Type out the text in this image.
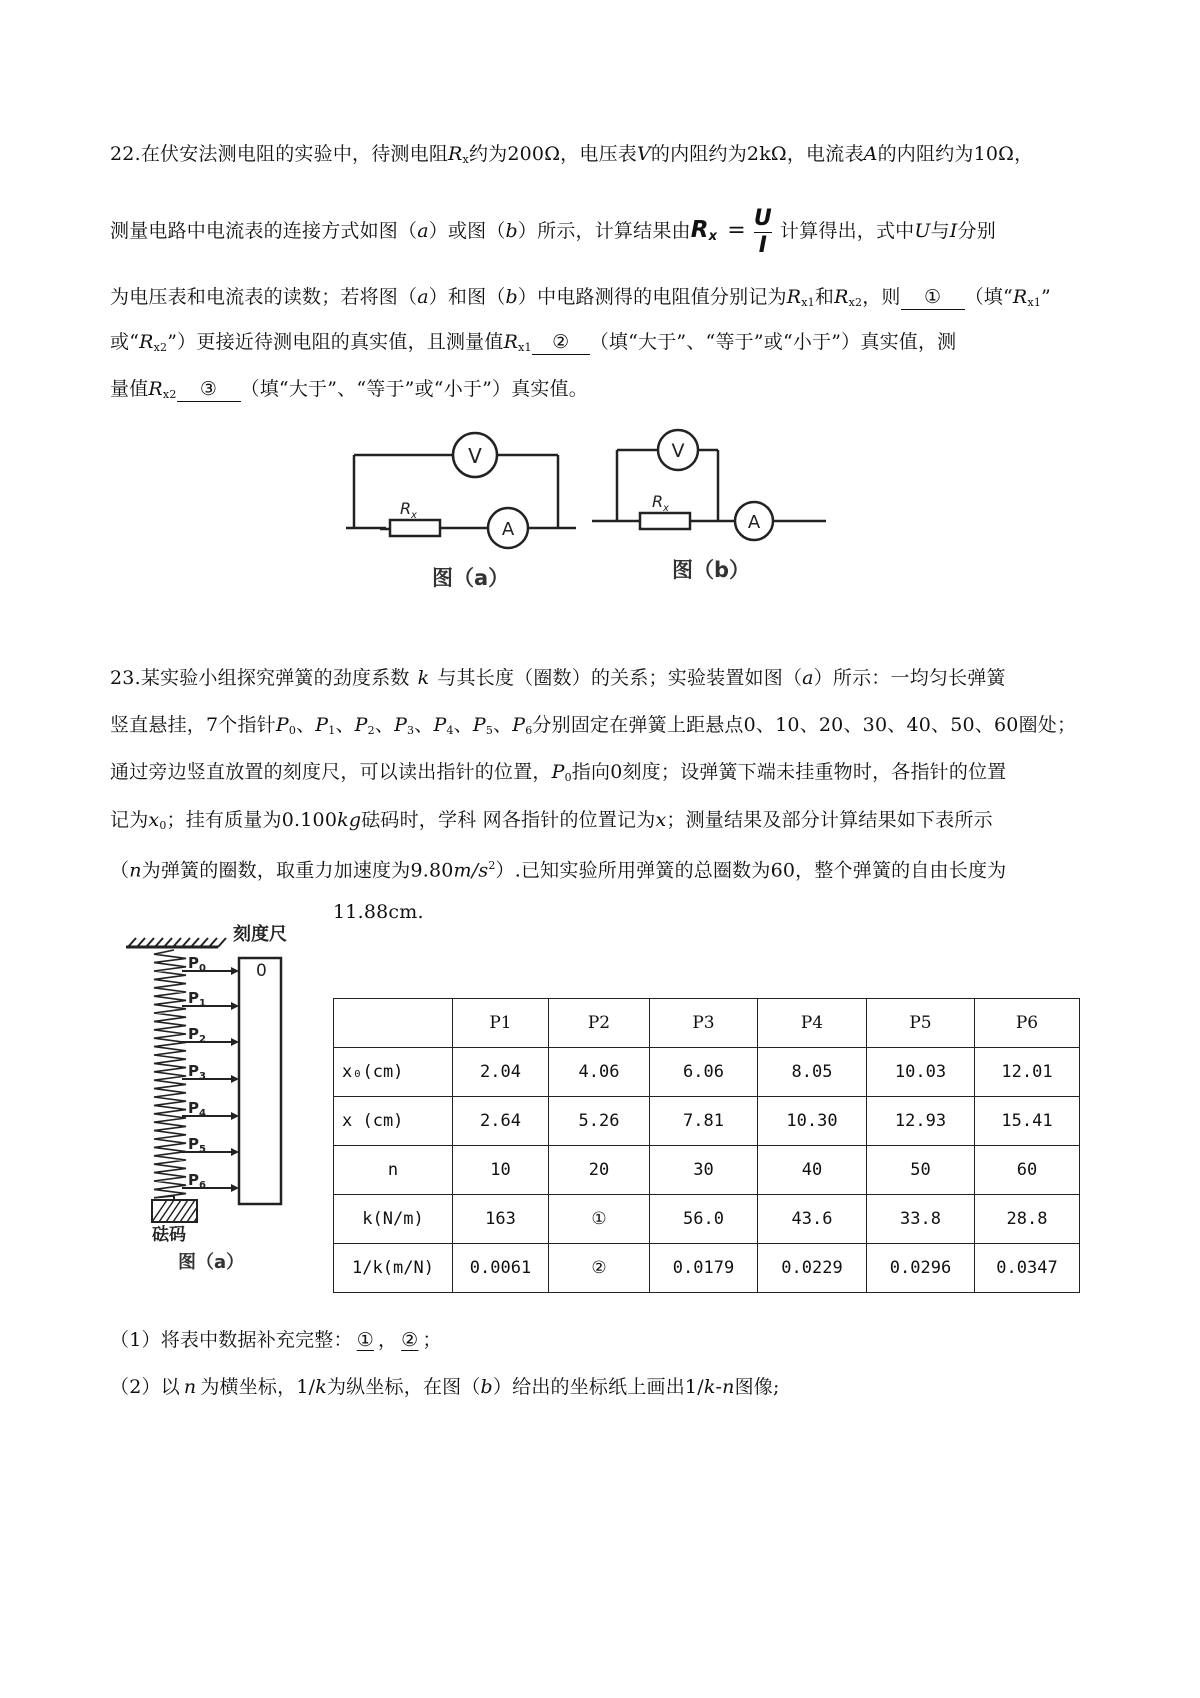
22.在伏安法测电阻的实验中，待测电阻$R_x$约为200Ω，电压表V的内阻约为2kΩ，电流表A的内阻约为10Ω，
测量电路中电流表的连接方式如图（a）或图（b）所示，计算结果由$R_x = \frac{U}{I}$ 计算得出，式中U与I分别
为电压表和电流表的读数；若将图（a）和图（b）中电路测得的电阻值分别记为$R_{x1}$和$R_{x2}$，则 ① （填“$R_{x1}$”
或“$R_{x2}$”）更接近待测电阻的真实值，且测量值$R_{x1}$ ② （填“大于”、“等于”或“小于”）真实值，测
量值$R_{x2}$ ③ （填“大于”、“等于”或“小于”）真实值。
V
A
R x
图（a）
V
A
R x
图（b）
23.某实验小组探究弹簧的劲度系数 k 与其长度（圈数）的关系；实验装置如图（a）所示：一均匀长弹簧
竖直悬挂，7个指针$P_0$、$P_1$、$P_2$、$P_3$、$P_4$、$P_5$、$P_6$分别固定在弹簧上距悬点0、10、20、30、40、50、60圈处；
通过旁边竖直放置的刻度尺，可以读出指针的位置，$P_0$指向0刻度；设弹簧下端未挂重物时，各指针的位置
记为$x_0$；挂有质量为0.100kg砝码时，学科 网各指针的位置记为x；测量结果及部分计算结果如下表所示
（n为弹簧的圈数，取重力加速度为$9.80m/s^2$）.已知实验所用弹簧的总圈数为60，整个弹簧的自由长度为
11.88cm.
刻度尺
0
P 0
P 1
P 2
P 3
P 4
P 5
P 6
砝码
图（a）
	P1	P2	P3	P4	P5	P6
x₀(cm)	2.04	4.06	6.06	8.05	10.03	12.01
x (cm)	2.64	5.26	7.81	10.30	12.93	15.41
n	10	20	30	40	50	60
k(N/m)	163	①	56.0	43.6	33.8	28.8
1/k(m/N)	0.0061	②	0.0179	0.0229	0.0296	0.0347
（1）将表中数据补充完整： ① ， ② ；
（2）以 n 为横坐标，1/k为纵坐标，在图（b）给出的坐标纸上画出1/k-n图像;
